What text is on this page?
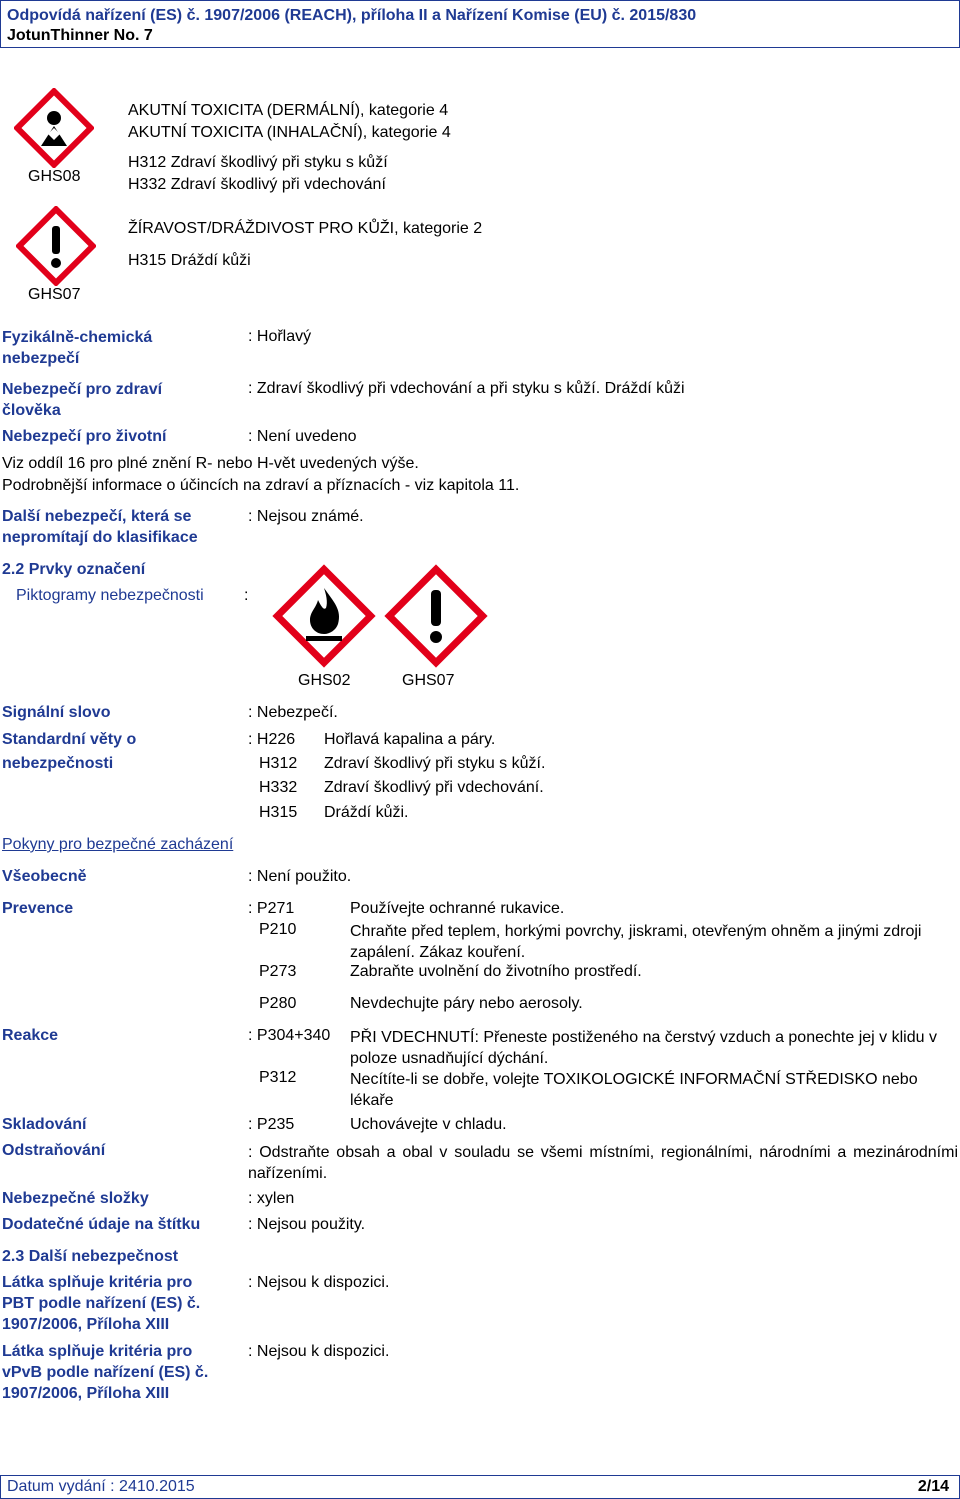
Odpovídá nařízení (ES) č. 1907/2006 (REACH), příloha II a Nařízení Komise (EU) č. 2015/830
JotunThinner No. 7
GHS08
GHS07
AKUTNÍ TOXICITA (DERMÁLNÍ), kategorie 4
AKUTNÍ TOXICITA (INHALAČNÍ), kategorie 4
H312 Zdraví škodlivý při styku s kůží
H332 Zdraví škodlivý při vdechování
ŽÍRAVOST/DRÁŽDIVOST PRO KŮŽI, kategorie 2
H315 Dráždí kůži
Fyzikálně-chemická nebezpečí
: Hořlavý
Nebezpečí pro zdraví člověka
: Zdraví škodlivý při vdechování a při styku s kůží. Dráždí kůži
Nebezpečí pro životní	: Není uvedeno
Viz oddíl 16 pro plné znění R- nebo H-vět uvedených výše.
Podrobnější informace o účincích na zdraví a příznacích - viz kapitola 11.
Další nebezpečí, která se
nepromítají do klasifikace
: Nejsou známé.
2.2 Prvky označení
Piktogramy nebezpečnosti	:
GHS02	GHS07
Signální slovo	: Nebezpečí.
Standardní věty o
nebezpečnosti
: H226 Hořlavá kapalina a páry.
H312 Zdraví škodlivý při styku s kůží.
H332 Zdraví škodlivý při vdechování.
H315 Dráždí kůži.
Pokyny pro bezpečné zacházení
Všeobecně	: Není použito.
Prevence	: P271	Používejte ochranné rukavice.
P210	Chraňte před teplem, horkými povrchy, jiskrami, otevřeným ohněm a jinými zdroji zapálení. Zákaz kouření.
P273	Zabraňte uvolnění do životního prostředí.
P280	Nevdechujte páry nebo aerosoly.
Reakce	: P304+340 PŘI VDECHNUTÍ: Přeneste postiženého na čerstvý vzduch a ponechte jej v klidu v poloze usnadňující dýchání.
P312	Necítíte-li se dobře, volejte TOXIKOLOGICKÉ INFORMAČNÍ STŘEDISKO nebo lékaře
Skladování	: P235	Uchovávejte v chladu.
Odstraňování	: Odstraňte obsah a obal v souladu se všemi místními, regionálními, národními a mezinárodními nařízeními.
Nebezpečné složky	: xylen
Dodatečné údaje na štítku	: Nejsou použity.
2.3 Další nebezpečnost
Látka splňuje kritéria pro
PBT podle nařízení (ES) č.
1907/2006, Příloha XIII
: Nejsou k dispozici.
Látka splňuje kritéria pro
vPvB podle nařízení (ES) č.
1907/2006, Příloha XIII
: Nejsou k dispozici.
Datum vydání : 2410.2015	2/14
